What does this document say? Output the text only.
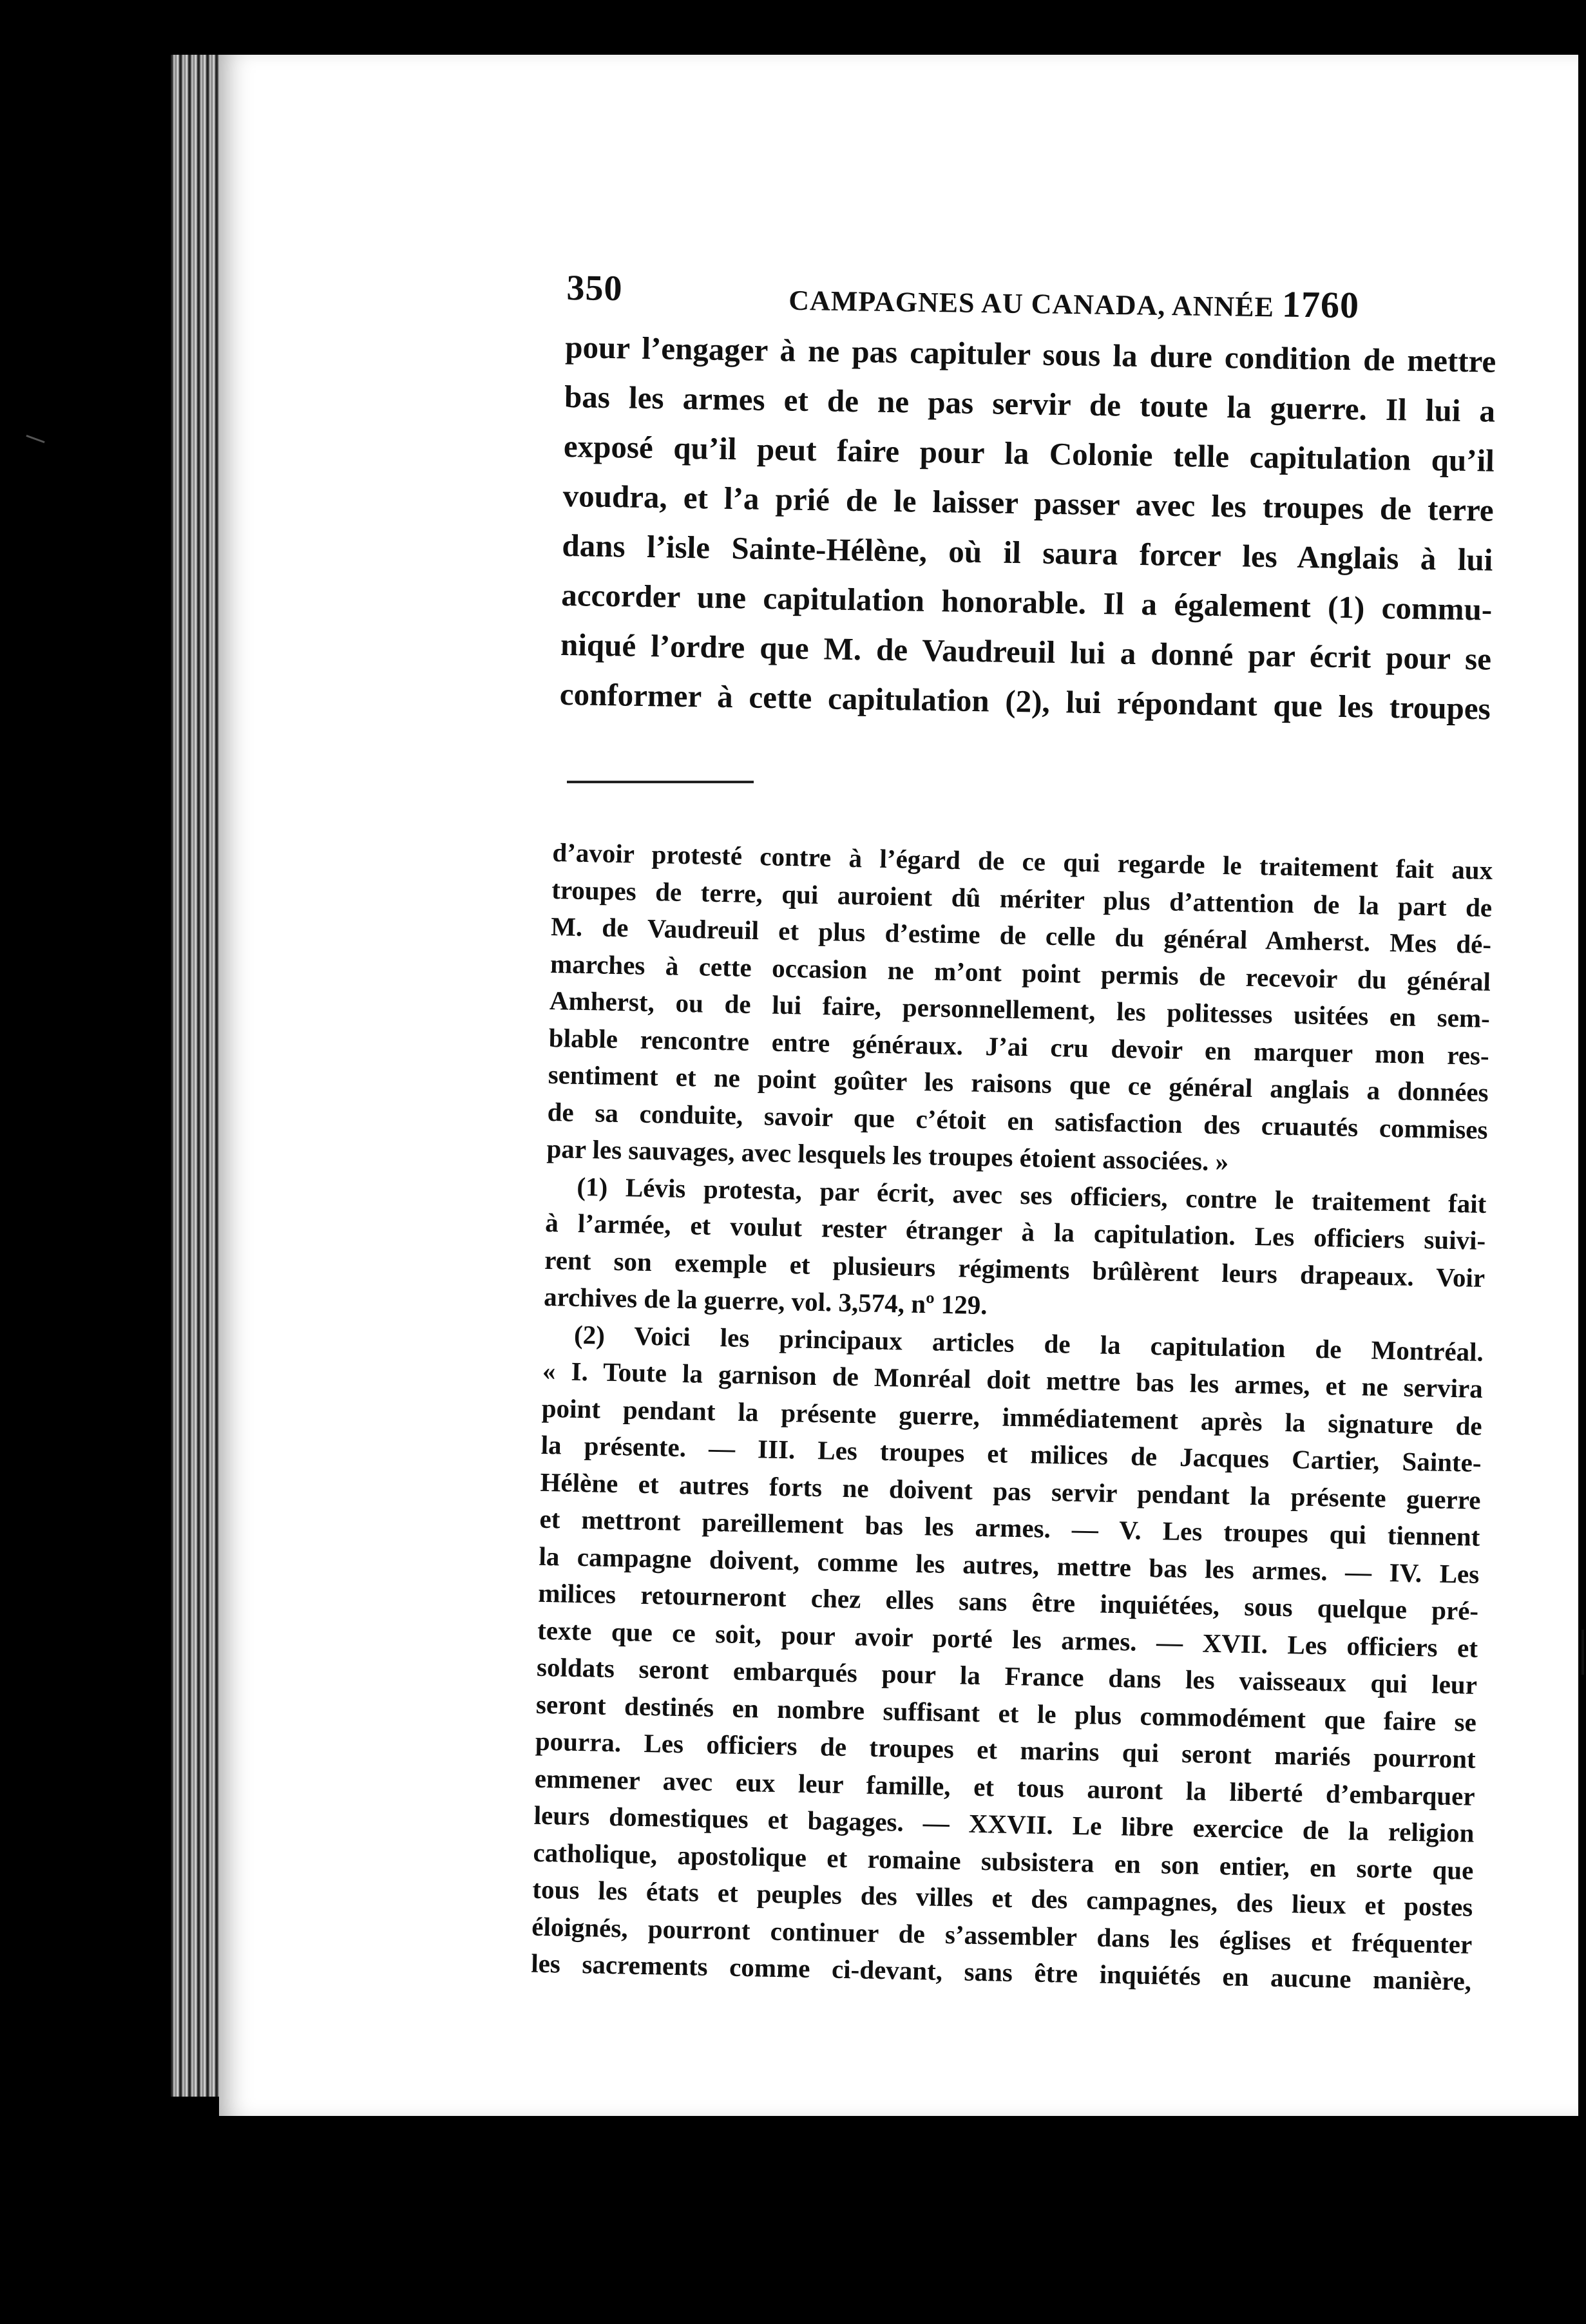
350	CAMPAGNES AU CANADA, ANNÉE 1760
pour l’engager à ne pas capituler sous la dure condition de mettre
bas les armes et de ne pas servir de toute la guerre. Il lui a
exposé qu’il peut faire pour la Colonie telle capitulation qu’il
voudra, et l’a prié de le laisser passer avec les troupes de terre
dans l’isle Sainte-Hélène, où il saura forcer les Anglais à lui
accorder une capitulation honorable. Il a également (1) commu-
niqué l’ordre que M. de Vaudreuil lui a donné par écrit pour se
conformer à cette capitulation (2), lui répondant que les troupes
d’avoir protesté contre à l’égard de ce qui regarde le traitement fait aux
troupes de terre, qui auroient dû mériter plus d’attention de la part de
M. de Vaudreuil et plus d’estime de celle du général Amherst. Mes dé-
marches à cette occasion ne m’ont point permis de recevoir du général
Amherst, ou de lui faire, personnellement, les politesses usitées en sem-
blable rencontre entre généraux. J’ai cru devoir en marquer mon res-
sentiment et ne point goûter les raisons que ce général anglais a données
de sa conduite, savoir que c’étoit en satisfaction des cruautés commises
par les sauvages, avec lesquels les troupes étoient associées. »
(1) Lévis protesta, par écrit, avec ses officiers, contre le traitement fait
à l’armée, et voulut rester étranger à la capitulation. Les officiers suivi-
rent son exemple et plusieurs régiments brûlèrent leurs drapeaux. Voir
archives de la guerre, vol. 3,574, nº 129.
(2) Voici les principaux articles de la capitulation de Montréal.
« I. Toute la garnison de Monréal doit mettre bas les armes, et ne servira
point pendant la présente guerre, immédiatement après la signature de
la présente. — III. Les troupes et milices de Jacques Cartier, Sainte-
Hélène et autres forts ne doivent pas servir pendant la présente guerre
et mettront pareillement bas les armes. — V. Les troupes qui tiennent
la campagne doivent, comme les autres, mettre bas les armes. — IV. Les
milices retourneront chez elles sans être inquiétées, sous quelque pré-
texte que ce soit, pour avoir porté les armes. — XVII. Les officiers et
soldats seront embarqués pour la France dans les vaisseaux qui leur
seront destinés en nombre suffisant et le plus commodément que faire se
pourra. Les officiers de troupes et marins qui seront mariés pourront
emmener avec eux leur famille, et tous auront la liberté d’embarquer
leurs domestiques et bagages. — XXVII. Le libre exercice de la religion
catholique, apostolique et romaine subsistera en son entier, en sorte que
tous les états et peuples des villes et des campagnes, des lieux et postes
éloignés, pourront continuer de s’assembler dans les églises et fréquenter
les sacrements comme ci-devant, sans être inquiétés en aucune manière,
